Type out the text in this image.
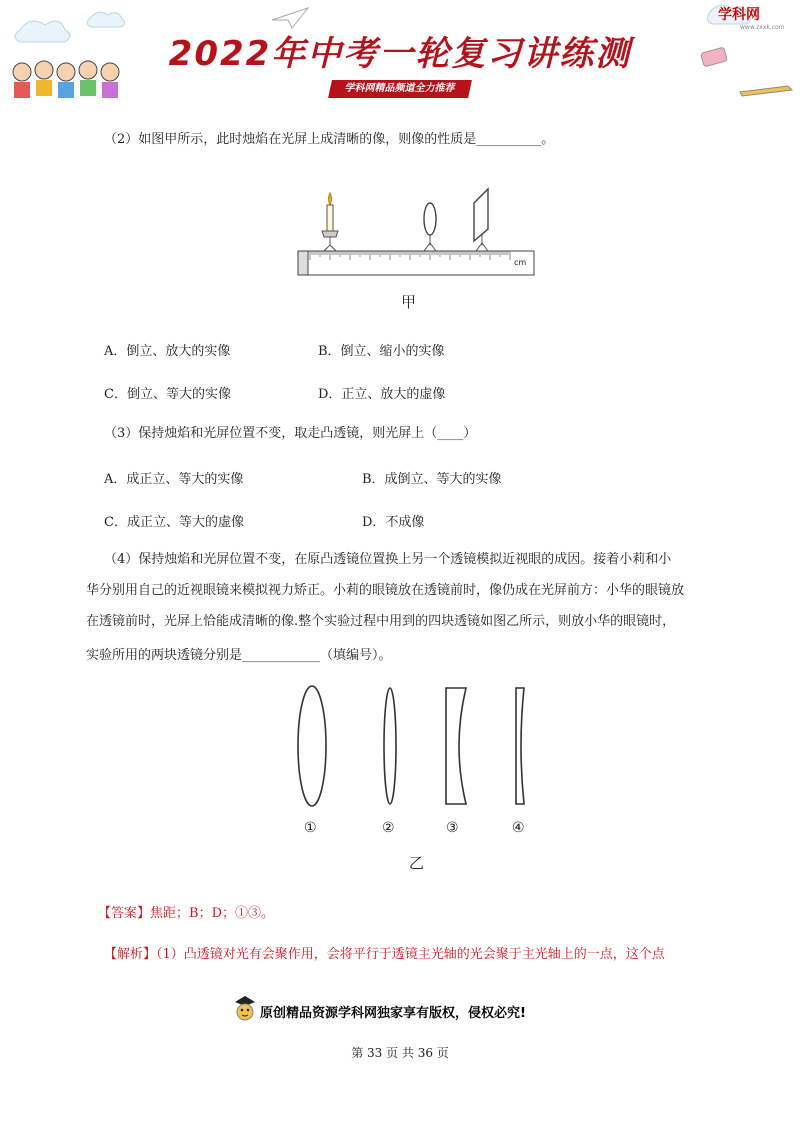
2022年中考一轮复习讲练测
学科网精品频道全力推荐
学科网
www.zxxk.com
（2）如图甲所示，此时烛焰在光屏上成清晰的像，则像的性质是__________。
cm
甲
A．倒立、放大的实像	B．倒立、缩小的实像
C．倒立、等大的实像	D．正立、放大的虚像
（3）保持烛焰和光屏位置不变，取走凸透镜，则光屏上（____）
A．成正立、等大的实像	B．成倒立、等大的实像
C．成正立、等大的虚像	D．不成像
（4）保持烛焰和光屏位置不变，在原凸透镜位置换上另一个透镜模拟近视眼的成因。接着小莉和小
华分别用自己的近视眼镜来模拟视力矫正。小莉的眼镜放在透镜前时，像仍成在光屏前方：小华的眼镜放
在透镜前时，光屏上恰能成清晰的像.整个实验过程中用到的四块透镜如图乙所示，则放小华的眼镜时，
实验所用的两块透镜分别是____________（填编号）。
①	②	③	④
乙
【答案】焦距；B；D；①③。
【解析】（1）凸透镜对光有会聚作用，会将平行于透镜主光轴的光会聚于主光轴上的一点，这个点
原创精品资源学科网独家享有版权，侵权必究!
第 33 页 共 36 页
